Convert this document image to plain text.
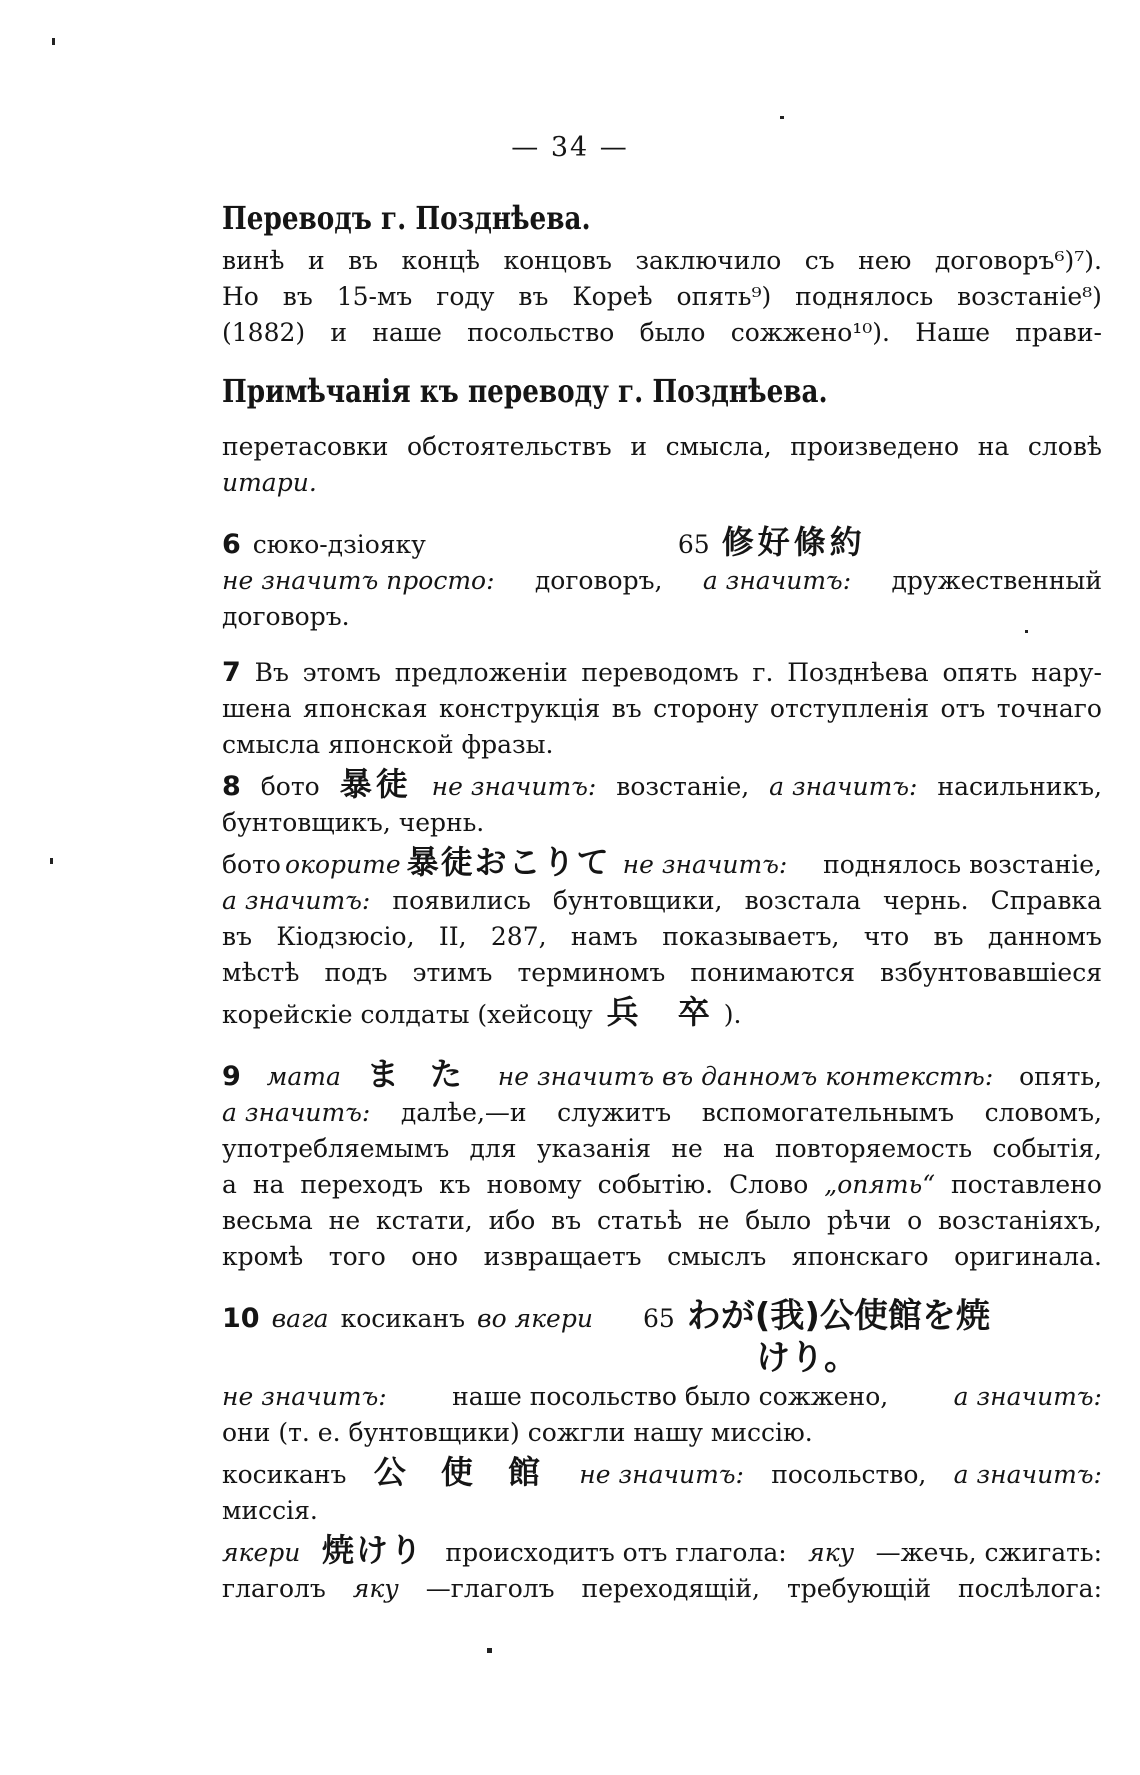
— 34 —
Переводъ г. Позднѣева.
винѣ и въ концѣ концовъ заключило съ нею договоръ⁶)⁷).
Но въ 15-мъ году въ Кореѣ опять⁹) поднялось возстаніе⁸)
(1882) и наше посольство было сожжено¹⁰). Наше прави-
Примѣчанія къ переводу г. Позднѣева.
перетасовки обстоятельствъ и смысла, произведено на словѣ
итари.
6 сюко-дзiояку	65 修好條約
не значитъ просто: договоръ, а значитъ: дружественный
договоръ.
7 Въ этомъ предложеніи переводомъ г. Позднѣева опять нару-
шена японская конструкція въ сторону отступленія отъ точнаго
смысла японской фразы.
8 бото 暴徒 не значитъ: возстаніе, а значитъ: насильникъ,
бунтовщикъ, чернь.
бото окорите 暴徒おこりて не значитъ: поднялось возстаніе,
а значитъ: появились бунтовщики, возстала чернь. Справка
въ Кiодзюсiо, II, 287, намъ показываетъ, что въ данномъ
мѣстѣ подъ этимъ терминомъ понимаются взбунтовавшіеся
корейскіе солдаты (хейсоцу 兵 卒 ).
9 мата ま た не значитъ въ данномъ контекстѣ: опять,
а значитъ: далѣе,—и служитъ вспомогательнымъ словомъ,
употребляемымъ для указанія не на повторяемость событія,
а на переходъ къ новому событію. Слово „опять“ поставлено
весьма не кстати, ибо въ статьѣ не было рѣчи о возстаніяхъ,
кромѣ того оно извращаетъ смыслъ японскаго оригинала.
10 вага косиканъ во якери 65 わが(我)公使館を焼
けり。
не значитъ:	наше посольство было сожжено,	а значитъ:
они (т. е. бунтовщики) сожгли нашу миссію.
косиканъ 公 使 館 не значитъ: посольство, а значитъ:
миссія.
якери 焼けり происходитъ отъ глагола: яку —жечь, сжигать:
глаголъ яку —глаголъ переходящій, требующій послѣлога:
